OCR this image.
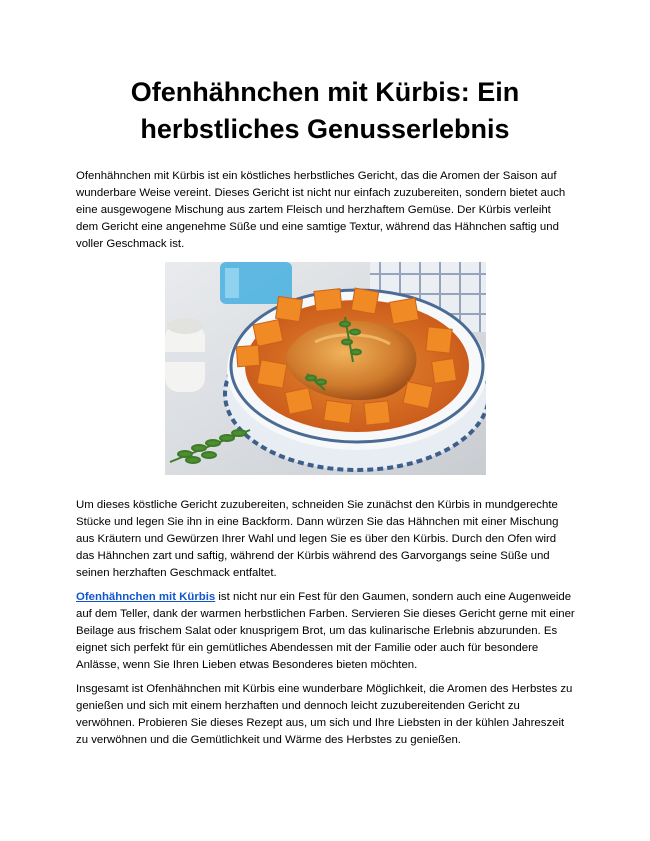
Ofenhähnchen mit Kürbis: Ein herbstliches Genusserlebnis

Ofenhähnchen mit Kürbis ist ein köstliches herbstliches Gericht, das die Aromen der Saison auf wunderbare Weise vereint. Dieses Gericht ist nicht nur einfach zuzubereiten, sondern bietet auch eine ausgewogene Mischung aus zartem Fleisch und herzhaftem Gemüse. Der Kürbis verleiht dem Gericht eine angenehme Süße und eine samtige Textur, während das Hähnchen saftig und voller Geschmack ist.

Um dieses köstliche Gericht zuzubereiten, schneiden Sie zunächst den Kürbis in mundgerechte Stücke und legen Sie ihn in eine Backform. Dann würzen Sie das Hähnchen mit einer Mischung aus Kräutern und Gewürzen Ihrer Wahl und legen Sie es über den Kürbis. Durch den Ofen wird das Hähnchen zart und saftig, während der Kürbis während des Garvorgangs seine Süße und seinen herzhaften Geschmack entfaltet.

Ofenhähnchen mit Kürbis ist nicht nur ein Fest für den Gaumen, sondern auch eine Augenweide auf dem Teller, dank der warmen herbstlichen Farben. Servieren Sie dieses Gericht gerne mit einer Beilage aus frischem Salat oder knusprigem Brot, um das kulinarische Erlebnis abzurunden. Es eignet sich perfekt für ein gemütliches Abendessen mit der Familie oder auch für besondere Anlässe, wenn Sie Ihren Lieben etwas Besonderes bieten möchten.

Insgesamt ist Ofenhähnchen mit Kürbis eine wunderbare Möglichkeit, die Aromen des Herbstes zu genießen und sich mit einem herzhaften und dennoch leicht zuzubereitenden Gericht zu verwöhnen. Probieren Sie dieses Rezept aus, um sich und Ihre Liebsten in der kühlen Jahreszeit zu verwöhnen und die Gemütlichkeit und Wärme des Herbstes zu genießen.
